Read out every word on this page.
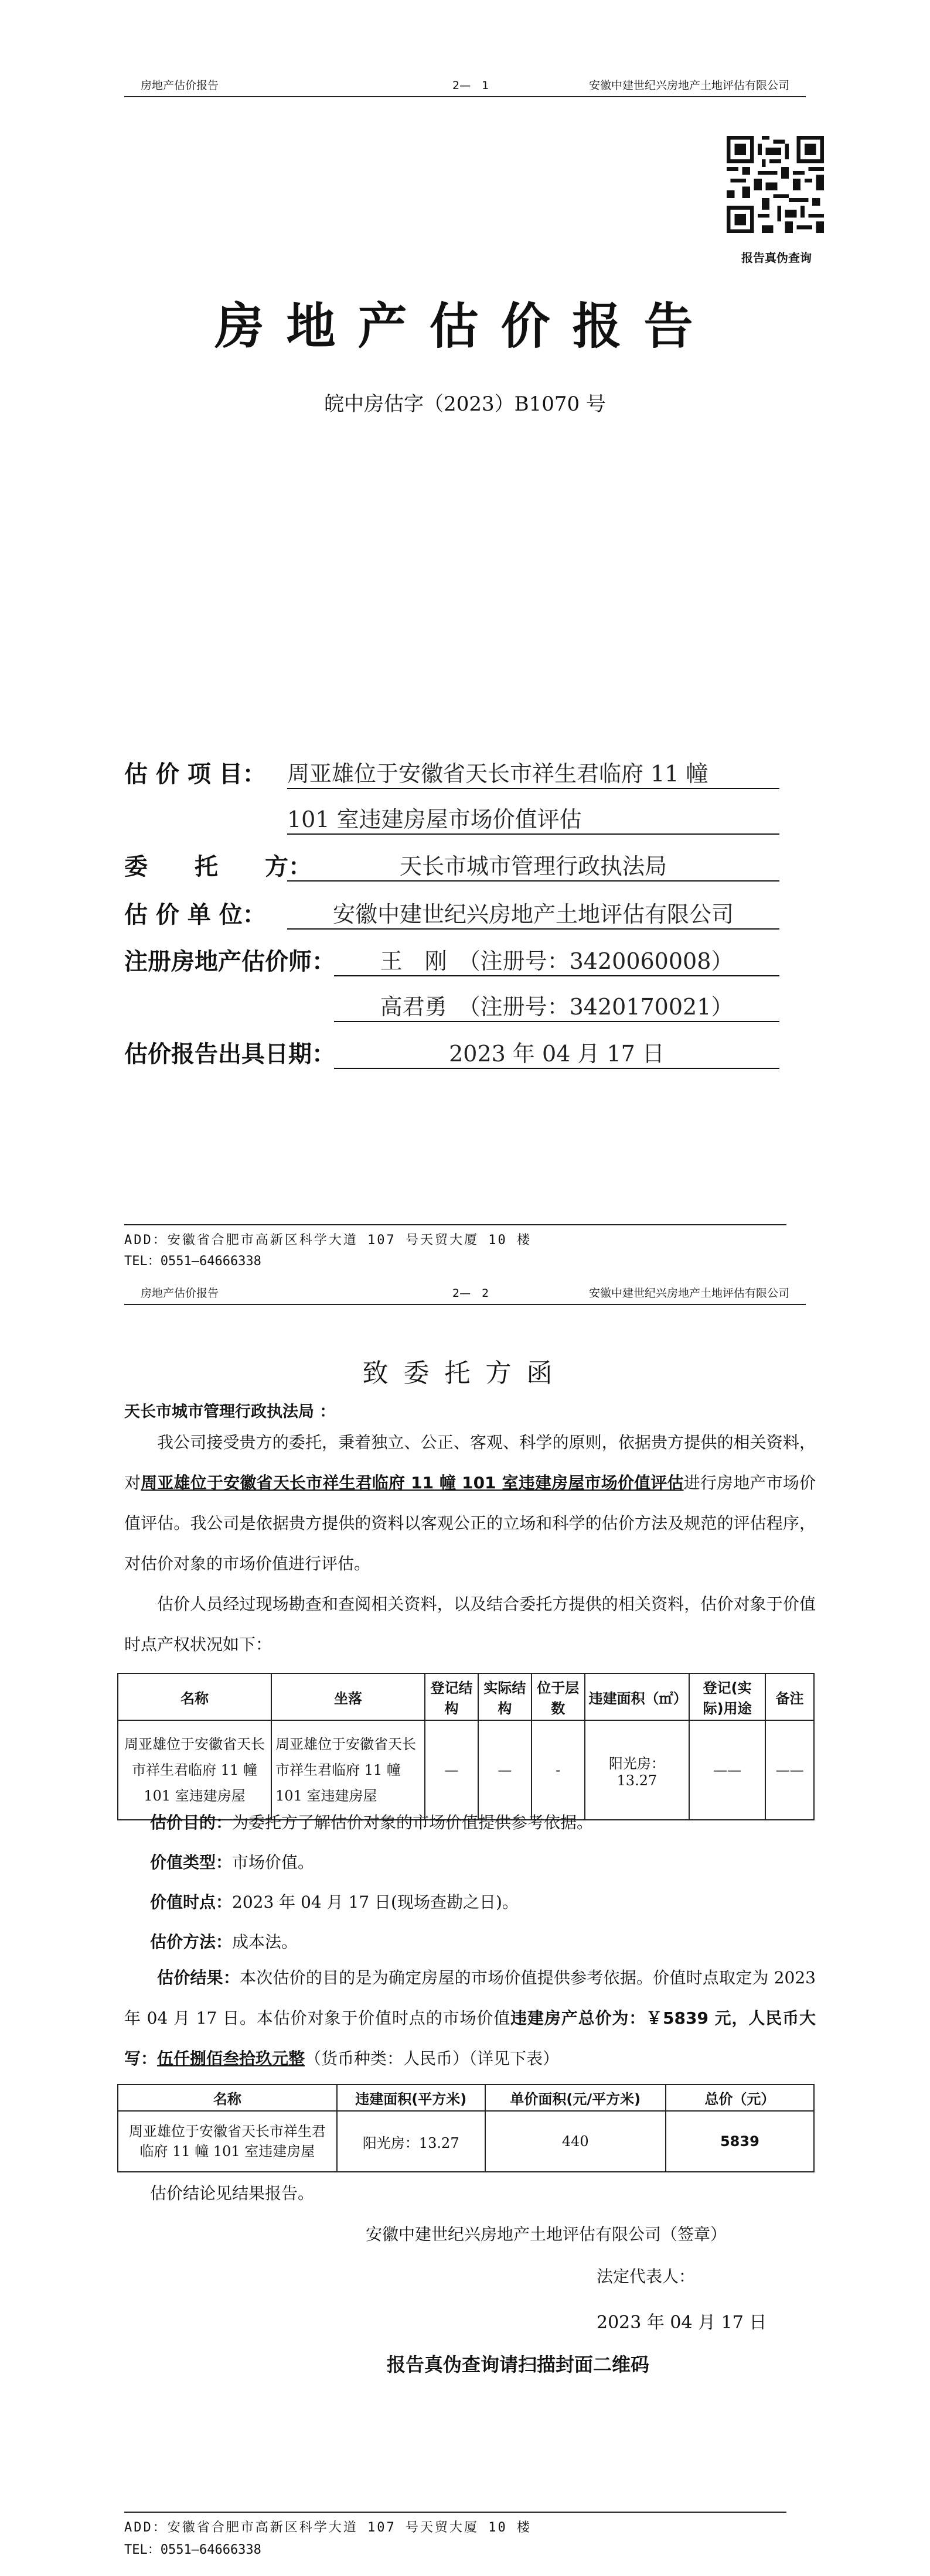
房地产估价报告	2—　1	安徽中建世纪兴房地产土地评估有限公司
报告真伪查询
房地产估价报告
皖中房估字（2023）B1070 号
估 价 项 目： 周亚雄位于安徽省天长市祥生君临府 11 幢
101 室违建房屋市场价值评估
委　　托　　方：	天长市城市管理行政执法局
估 价 单 位：	安徽中建世纪兴房地产土地评估有限公司
注册房地产估价师：	王　刚　（注册号：3420060008）
高君勇　（注册号：3420170021）
估价报告出具日期：	2023 年 04 月 17 日
ADD：安徽省合肥市高新区科学大道 107 号天贸大厦 10 楼
TEL：0551—64666338
房地产估价报告	2—　2	安徽中建世纪兴房地产土地评估有限公司
致委托方函
天长市城市管理行政执法局 ：
我公司接受贵方的委托，秉着独立、公正、客观、科学的原则，依据贵方提供的相关资料，对周亚雄位于安徽省天长市祥生君临府 11 幢 101 室违建房屋市场价值评估进行房地产市场价值评估。我公司是依据贵方提供的资料以客观公正的立场和科学的估价方法及规范的评估程序，对估价对象的市场价值进行评估。
估价人员经过现场勘查和查阅相关资料，以及结合委托方提供的相关资料，估价对象于价值时点产权状况如下：
名称	坐落	登记结构	实际结构	位于层数	违建面积（㎡）	登记(实际)用途	备注
周亚雄位于安徽省天长市祥生君临府 11 幢 101 室违建房屋	周亚雄位于安徽省天长市祥生君临府 11 幢 101 室违建房屋	—	—	-	阳光房：13.27	——	——
估价目的：为委托方了解估价对象的市场价值提供参考依据。
价值类型：市场价值。
价值时点：2023 年 04 月 17 日(现场查勘之日)。
估价方法：成本法。
估价结果：本次估价的目的是为确定房屋的市场价值提供参考依据。价值时点取定为 2023 年 04 月 17 日。本估价对象于价值时点的市场价值违建房产总价为：￥5839 元，人民币大写：伍仟捌佰叁拾玖元整（货币种类：人民币）（详见下表）
名称	违建面积(平方米)	单价面积(元/平方米)	总价（元）
周亚雄位于安徽省天长市祥生君临府 11 幢 101 室违建房屋	阳光房：13.27	440	5839
估价结论见结果报告。
安徽中建世纪兴房地产土地评估有限公司（签章）
法定代表人：
2023 年 04 月 17 日
报告真伪查询请扫描封面二维码
ADD：安徽省合肥市高新区科学大道 107 号天贸大厦 10 楼
TEL：0551—64666338
